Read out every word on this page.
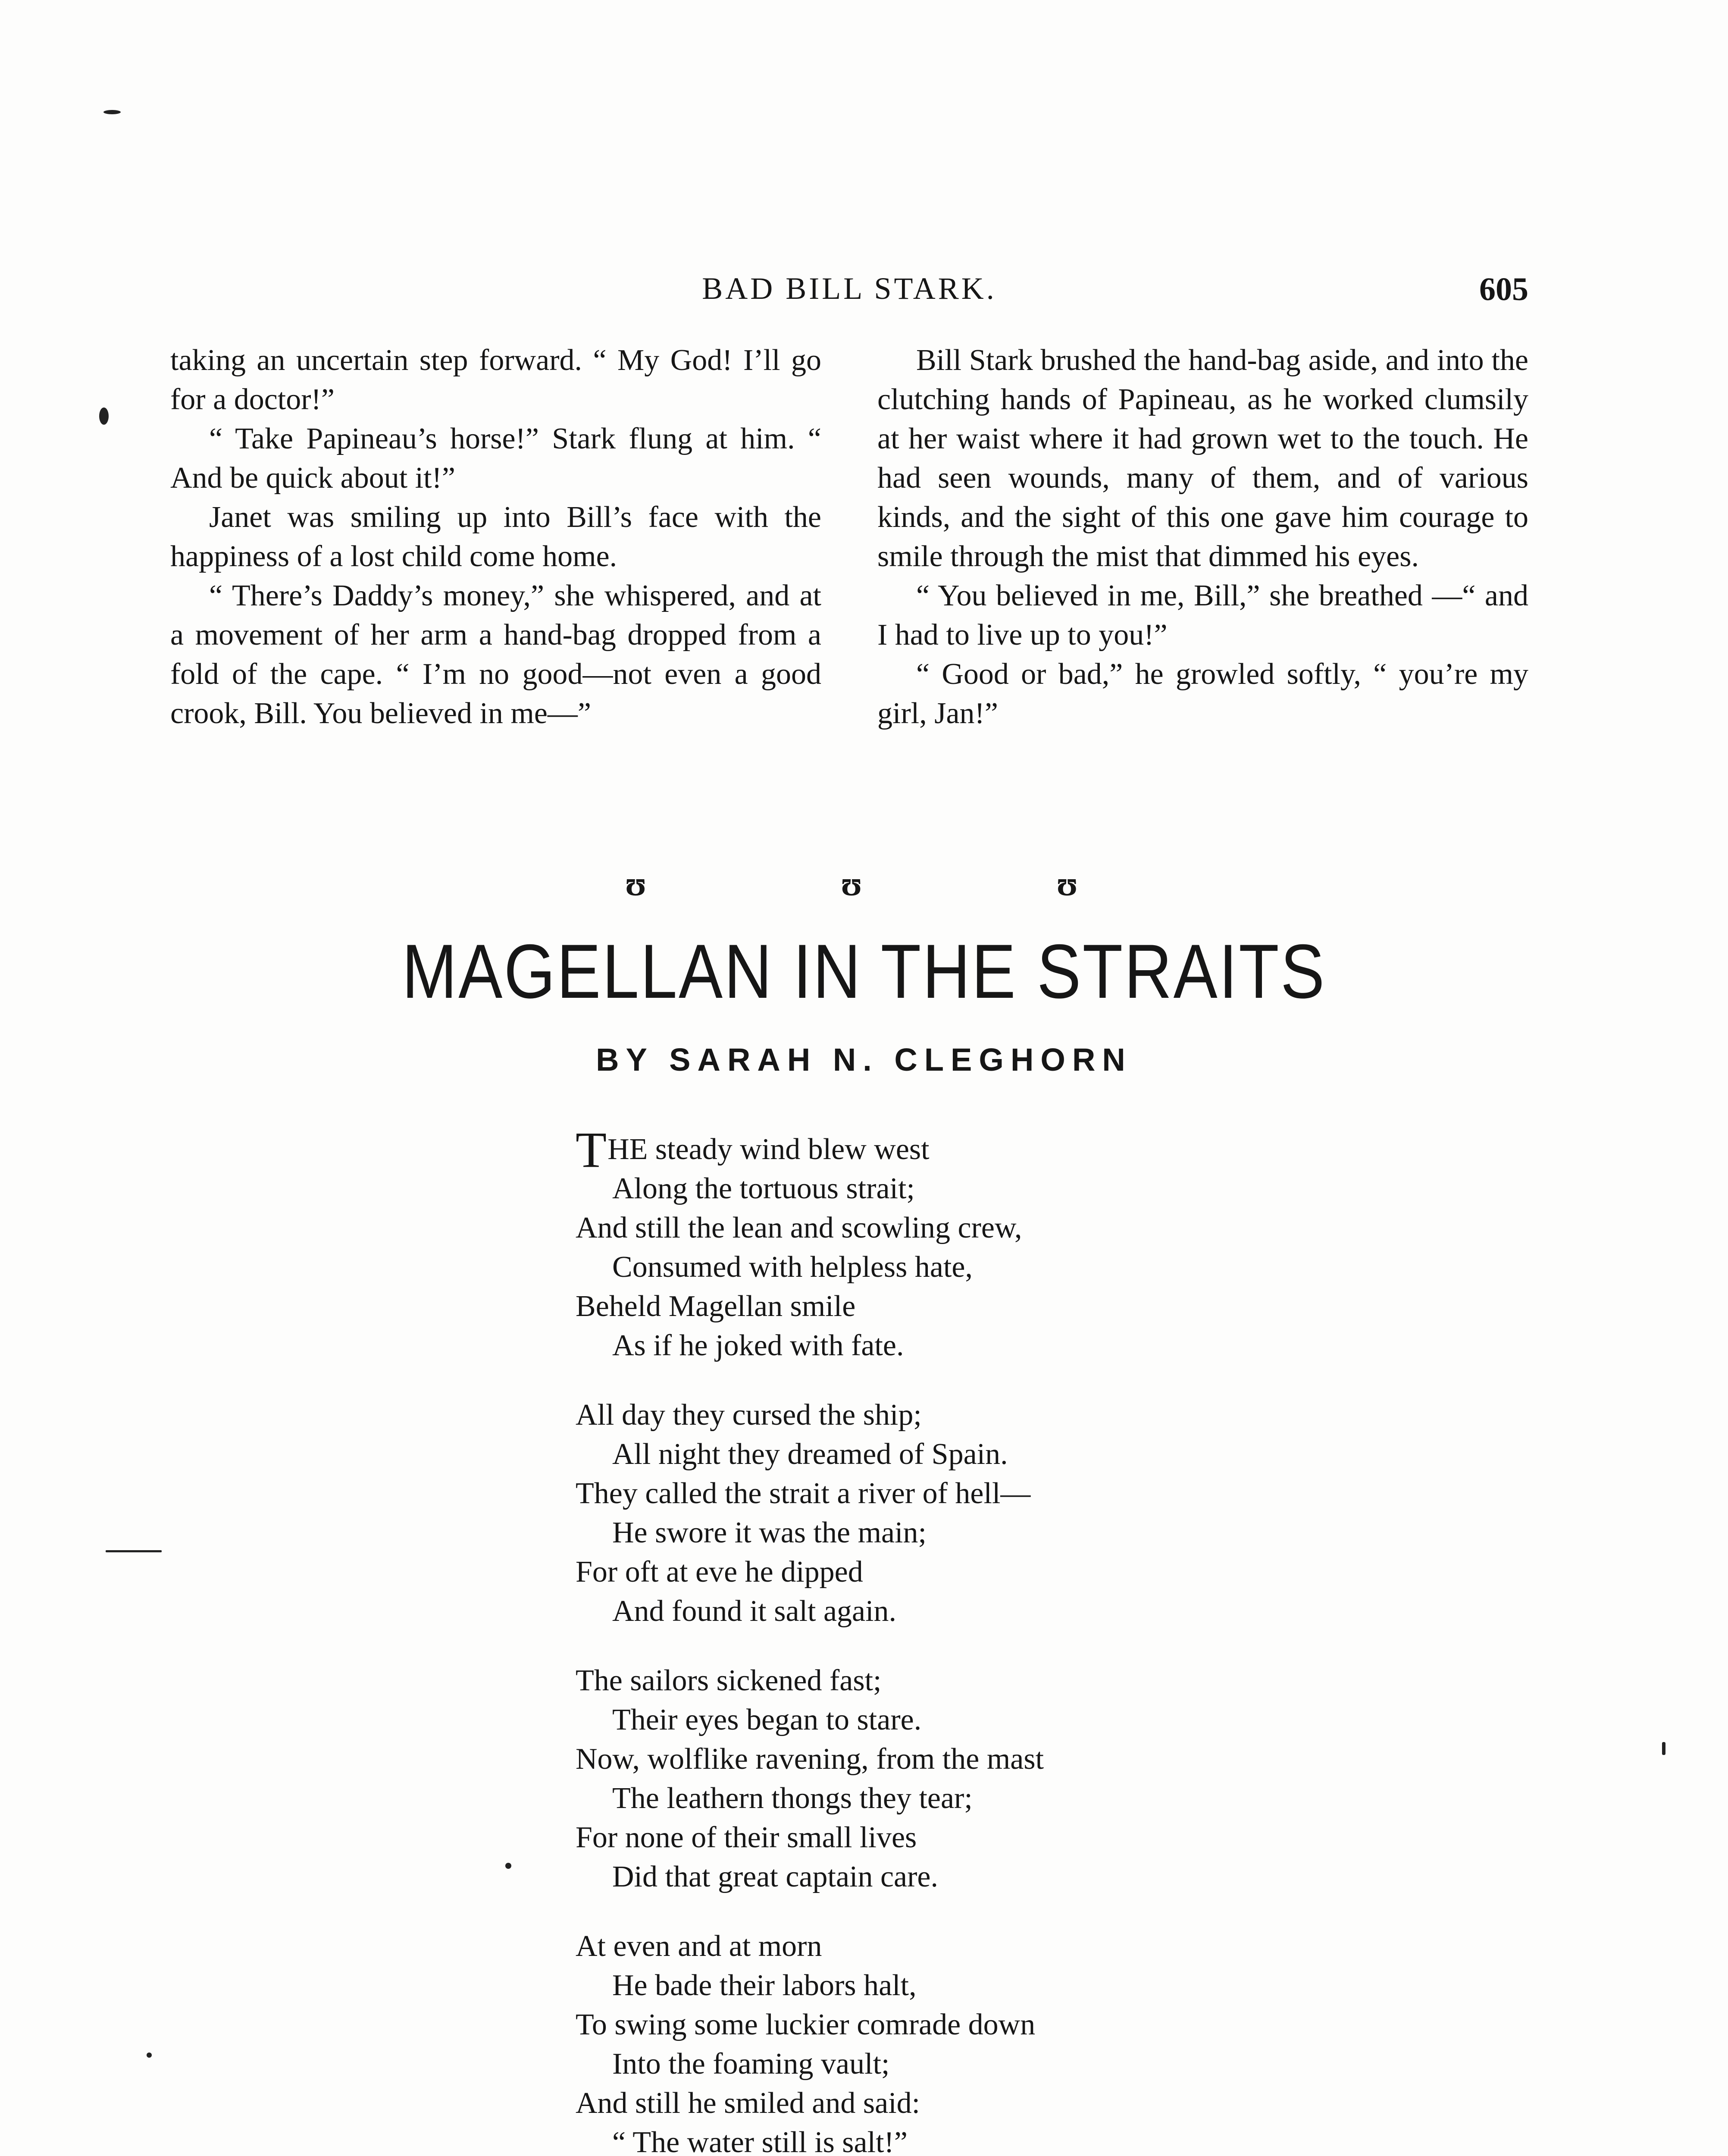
BAD BILL STARK.	605

taking an uncertain step forward. “ My God! I’ll go for a doctor!”

“ Take Papineau’s horse!” Stark flung at him. “ And be quick about it!”

Janet was smiling up into Bill’s face with the happiness of a lost child come home.

“ There’s Daddy’s money,” she whispered, and at a movement of her arm a hand-bag dropped from a fold of the cape. “ I’m no good—not even a good crook, Bill. You believed in me—”

Bill Stark brushed the hand-bag aside, and into the clutching hands of Papineau, as he worked clumsily at her waist where it had grown wet to the touch. He had seen wounds, many of them, and of various kinds, and the sight of this one gave him courage to smile through the mist that dimmed his eyes.

“ You believed in me, Bill,” she breathed —“ and I had to live up to you!”

“ Good or bad,” he growled softly, “ you’re my girl, Jan!”

ʊ	ʊ	ʊ
MAGELLAN IN THE STRAITS
BY SARAH N. CLEGHORN
THE steady wind blew west
Along the tortuous strait;
And still the lean and scowling crew,
Consumed with helpless hate,
Beheld Magellan smile
As if he joked with fate.
All day they cursed the ship;
All night they dreamed of Spain.
They called the strait a river of hell—
He swore it was the main;
For oft at eve he dipped
And found it salt again.
The sailors sickened fast;
Their eyes began to stare.
Now, wolflike ravening, from the mast
The leathern thongs they tear;
For none of their small lives
Did that great captain care.
At even and at morn
He bade their labors halt,
To swing some luckier comrade down
Into the foaming vault;
And still he smiled and said:
“ The water still is salt!”
